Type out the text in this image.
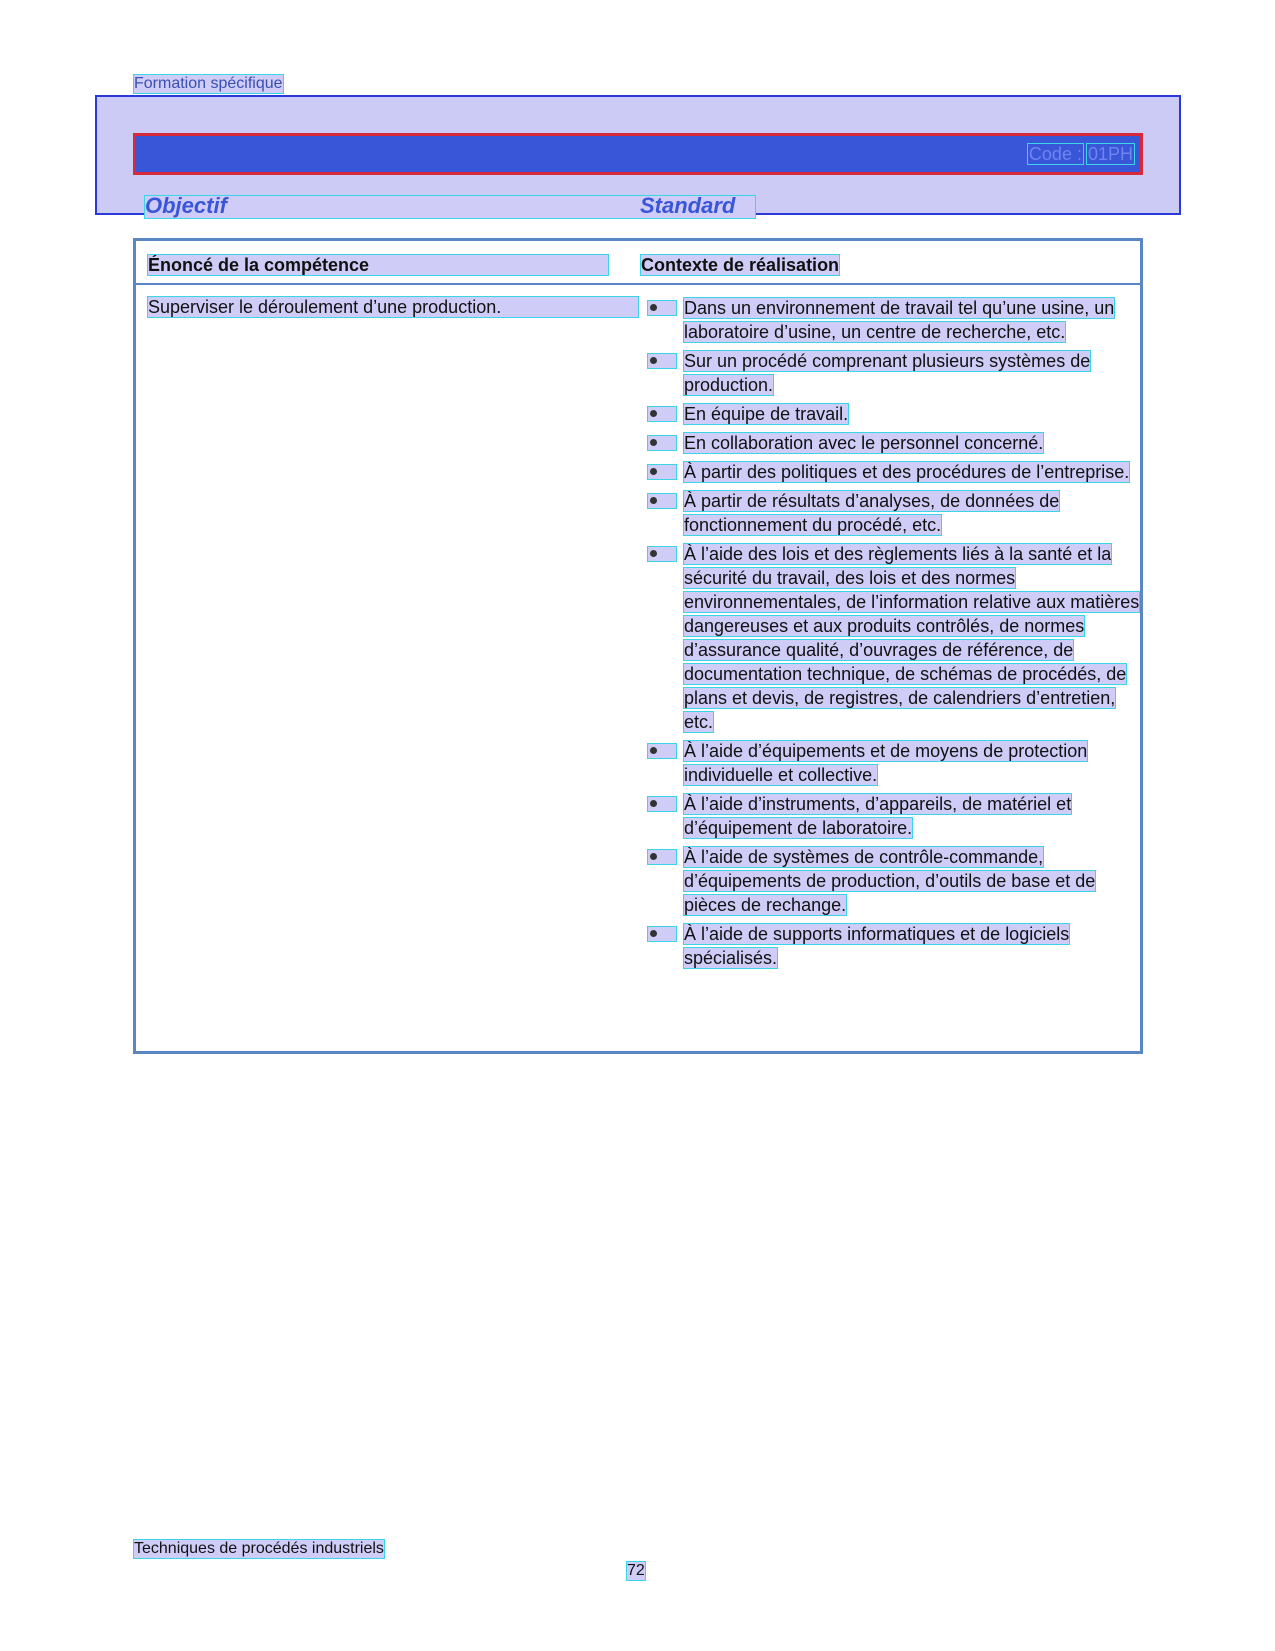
Formation spécifique
Code : 01PH
Objectif	Standard
Énoncé de la compétence	Contexte de réalisation
Superviser le déroulement d’une production.	Dans un environnement de travail tel qu’une usine, un laboratoire d’usine, un centre de recherche, etc.
Sur un procédé comprenant plusieurs systèmes de production.
En équipe de travail.
En collaboration avec le personnel concerné.
À partir des politiques et des procédures de l’entreprise.
À partir de résultats d’analyses, de données de fonctionnement du procédé, etc.
À l’aide des lois et des règlements liés à la santé et la sécurité du travail, des lois et des normes environnementales, de l’information relative aux matières dangereuses et aux produits contrôlés, de normes d’assurance qualité, d’ouvrages de référence, de documentation technique, de schémas de procédés, de plans et devis, de registres, de calendriers d’entretien, etc.
À l’aide d’équipements et de moyens de protection individuelle et collective.
À l’aide d’instruments, d’appareils, de matériel et d’équipement de laboratoire.
À l’aide de systèmes de contrôle-commande, d’équipements de production, d’outils de base et de pièces de rechange.
À l’aide de supports informatiques et de logiciels spécialisés.
Techniques de procédés industriels
72
